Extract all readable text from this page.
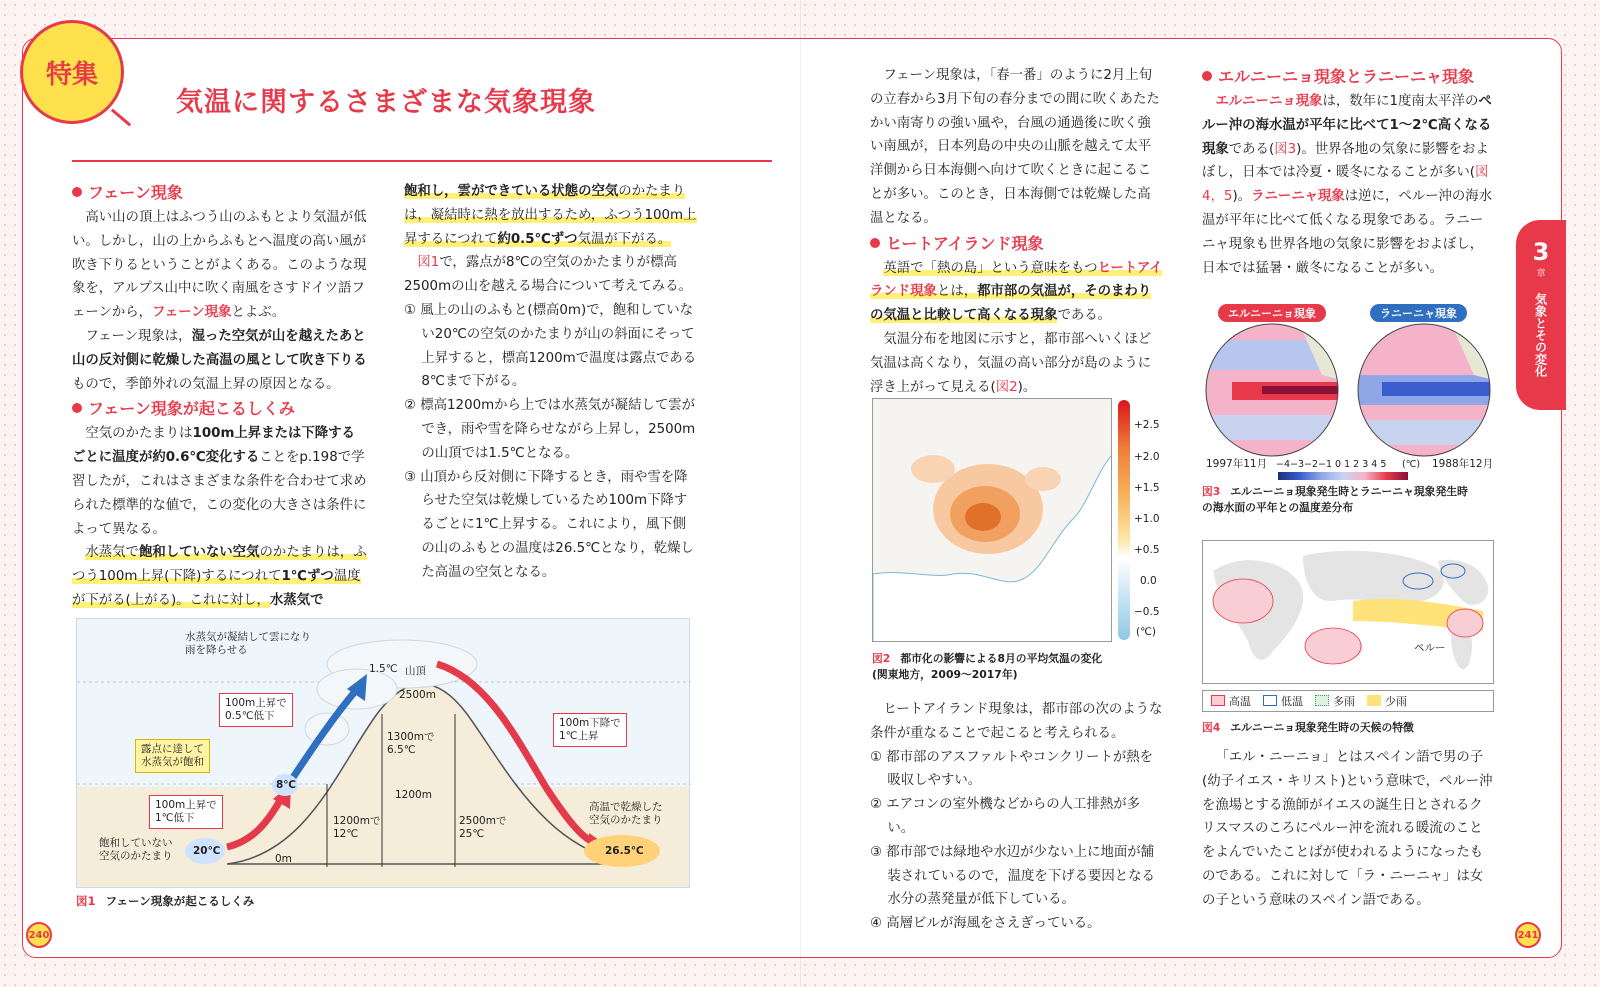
特集
気温に関するさまざまな気象現象
フェーン現象

高い山の頂上はふつう山のふもとより気温が低い。しかし，山の上からふもとへ温度の高い風が吹き下りるということがよくある。このような現象を，アルプス山中に吹く南風をさすドイツ語フェーンから，フェーン現象とよぶ。

フェーン現象は，湿った空気が山を越えたあと山の反対側に乾燥した高温の風として吹き下りるもので，季節外れの気温上昇の原因となる。

フェーン現象が起こるしくみ

空気のかたまりは100m上昇または下降するごとに温度が約0.6℃変化することをp.198で学習したが，これはさまざまな条件を合わせて求められた標準的な値で，この変化の大きさは条件によって異なる。

水蒸気で飽和していない空気のかたまりは，ふつう100m上昇(下降)するにつれて1℃ずつ温度が下がる(上がる)。これに対し，水蒸気で

飽和し，雲ができている状態の空気のかたまりは，凝結時に熱を放出するため，ふつう100m上昇するにつれて約0.5℃ずつ気温が下がる。

図1で，露点が8℃の空気のかたまりが標高2500mの山を越える場合について考えてみる。

① 風上の山のふもと(標高0m)で，飽和していない20℃の空気のかたまりが山の斜面にそって上昇すると，標高1200mで温度は露点である8℃まで下がる。
② 標高1200mから上では水蒸気が凝結して雲ができ，雨や雪を降らせながら上昇し，2500mの山頂では1.5℃となる。
③ 山頂から反対側に下降するとき，雨や雪を降らせた空気は乾燥しているため100m下降するごとに1℃上昇する。これにより，風下側の山のふもとの温度は26.5℃となり，乾燥した高温の空気となる。
水蒸気が凝結して雲になり
雨を降らせる
1.5℃ 山頂
2500m
1200m
0m
100m上昇で
0.5℃低下
露点に達して
水蒸気が飽和
100m上昇で
1℃低下
100m下降で
1℃上昇
8℃
20℃	26.5℃
飽和していない
空気のかたまり
高温で乾燥した
空気のかたまり
1300mで
6.5℃
1200mで
12℃
2500mで
25℃
図1 フェーン現象が起こるしくみ

フェーン現象は，「春一番」のように2月上旬の立春から3月下旬の春分までの間に吹くあたたかい南寄りの強い風や，台風の通過後に吹く強い南風が，日本列島の中央の山脈を越えて太平洋側から日本海側へ向けて吹くときに起こることが多い。このとき，日本海側では乾燥した高温となる。

ヒートアイランド現象

英語で「熱の島」という意味をもつヒートアイランド現象とは，都市部の気温が，そのまわりの気温と比較して高くなる現象である。

気温分布を地図に示すと，都市部へいくほど気温は高くなり，気温の高い部分が島のように浮き上がって見える(図2)。

+2.5
+2.0
+1.5
+1.0
+0.5
0.0
−0.5
(℃)
図2 都市化の影響による8月の平均気温の変化
(関東地方，2009～2017年)

ヒートアイランド現象は，都市部の次のような条件が重なることで起こると考えられる。

① 都市部のアスファルトやコンクリートが熱を吸収しやすい。
② エアコンの室外機などからの人工排熱が多い。
③ 都市部では緑地や水辺が少ない上に地面が舗装されているので，温度を下げる要因となる水分の蒸発量が低下している。
④ 高層ビルが海風をさえぎっている。
エルニーニョ現象とラニーニャ現象

エルニーニョ現象は，数年に1度南太平洋のペルー沖の海水温が平年に比べて1～2℃高くなる現象である(図3)。世界各地の気象に影響をおよぼし，日本では冷夏・暖冬になることが多い(図4，5)。ラニーニャ現象は逆に，ペルー沖の海水温が平年に比べて低くなる現象である。ラニーニャ現象も世界各地の気象に影響をおよぼし，日本では猛暑・厳冬になることが多い。

エルニーニョ現象	ラニーニャ現象
1997年11月	1988年12月
−4−3−2−1 0 1 2 3 4 5 (℃)
図3 エルニーニョ現象発生時とラニーニャ現象発生時
の海水面の平年との温度差分布
ペルー
高温	低温	多雨	少雨
図4 エルニーニョ現象発生時の天候の特徴

「エル・ニーニョ」とはスペイン語で男の子(幼子イエス・キリスト)という意味で，ペルー沖を漁場とする漁師がイエスの誕生日とされるクリスマスのころにペルー沖を流れる暖流のことをよんでいたことばが使われるようになったものである。これに対して「ラ・ニーニャ」は女の子という意味のスペイン語である。

3
章
気象とその変化
240	241
